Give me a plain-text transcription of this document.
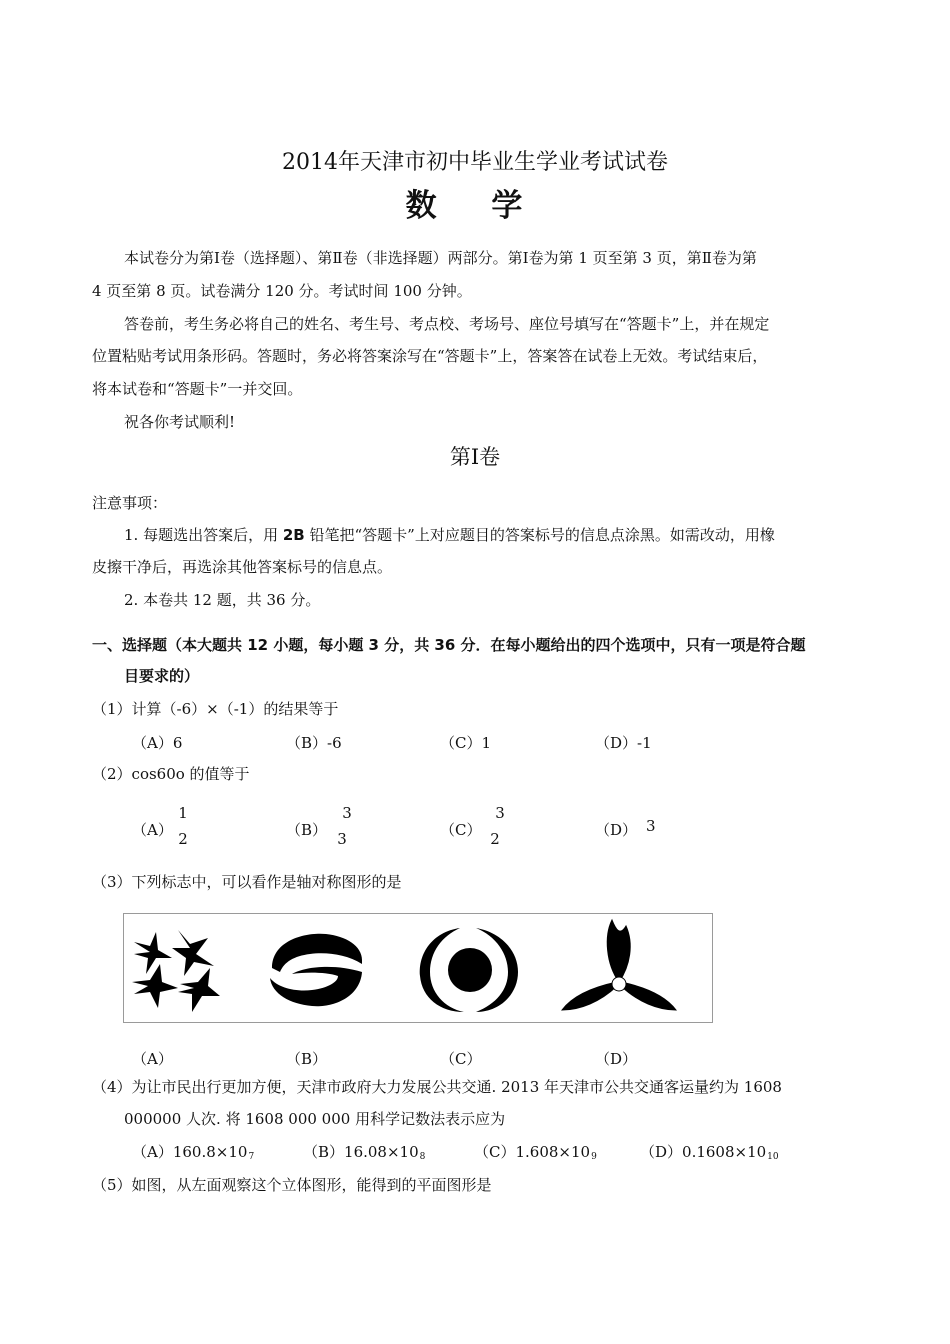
2014年天津市初中毕业生学业考试试卷
数 学
本试卷分为第Ⅰ卷（选择题）、第Ⅱ卷（非选择题）两部分。第Ⅰ卷为第 1 页至第 3 页，第Ⅱ卷为第
4 页至第 8 页。试卷满分 120 分。考试时间 100 分钟。
答卷前，考生务必将自己的姓名、考生号、考点校、考场号、座位号填写在“答题卡”上，并在规定
位置粘贴考试用条形码。答题时，务必将答案涂写在“答题卡”上，答案答在试卷上无效。考试结束后，
将本试卷和“答题卡”一并交回。
祝各你考试顺利!
第Ⅰ卷
注意事项：
1. 每题选出答案后，用 2B 铅笔把“答题卡”上对应题目的答案标号的信息点涂黑。如需改动，用橡
皮擦干净后，再选涂其他答案标号的信息点。
2. 本卷共 12 题，共 36 分。
一、选择题（本大题共 12 小题，每小题 3 分，共 36 分．在每小题给出的四个选项中，只有一项是符合题
目要求的）
（1）计算（-6）×（-1）的结果等于
（A）6	（B）-6	（C）1	（D）-1
（2）cos60o 的值等于
（A）
1
2	（B）
3
3	（C）
3
2	（D） 3
（3）下列标志中，可以看作是轴对称图形的是
（A）	（B）	（C）	（D）
（4）为让市民出行更加方便，天津市政府大力发展公共交通. 2013 年天津市公共交通客运量约为 1608
000000 人次. 将 1608 000 000 用科学记数法表示应为
$(A)160.8\times 10^7$	$(B)16.08\times 10^8$	$(C)1.608\times 10^9$	$(D)0.1608\times 10^{10}$
（5）如图，从左面观察这个立体图形，能得到的平面图形是
